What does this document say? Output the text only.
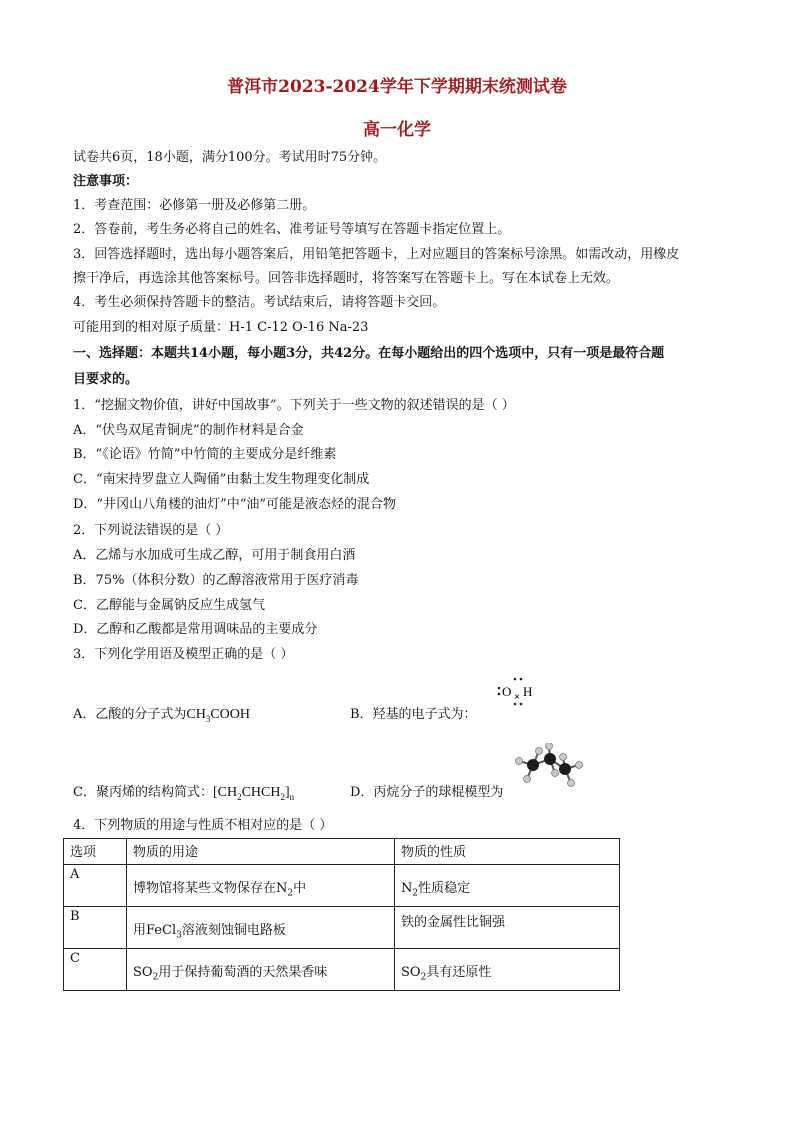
普洱市2023-2024学年下学期期末统测试卷
高一化学
试卷共6页，18小题，满分100分。考试用时75分钟。
注意事项：
1．考查范围：必修第一册及必修第二册。
2．答卷前，考生务必将自己的姓名、准考证号等填写在答题卡指定位置上。
3．回答选择题时，选出每小题答案后，用铅笔把答题卡，上对应题目的答案标号涂黑。如需改动，用橡皮
擦干净后，再选涂其他答案标号。回答非选择题时，将答案写在答题卡上。写在本试卷上无效。
4．考生必须保持答题卡的整洁。考试结束后，请将答题卡交回。
可能用到的相对原子质量：H-1 C-12 O-16 Na-23
一、选择题：本题共14小题，每小题3分，共42分。在每小题给出的四个选项中，只有一项是最符合题
目要求的。
1．“挖掘文物价值，讲好中国故事”。下列关于一些文物的叙述错误的是（ ）
A．“伏鸟双尾青铜虎”的制作材料是合金
B．“《论语》竹简”中竹简的主要成分是纤维素
C．“南宋持罗盘立人陶俑”由黏土发生物理变化制成
D．“井冈山八角楼的油灯”中“油”可能是液态烃的混合物
2．下列说法错误的是（ ）
A．乙烯与水加成可生成乙醇，可用于制食用白酒
B．75%（体积分数）的乙醇溶液常用于医疗消毒
C．乙醇能与金属钠反应生成氢气
D．乙醇和乙酸都是常用调味品的主要成分
3．下列化学用语及模型正确的是（ ）
A．乙酸的分子式为$CH_3COOH$	B．羟基的电子式为：
O × H
C．聚丙烯的结构简式：$[CH_2CHCH_2]_n$	D．丙烷分子的球棍模型为
4．下列物质的用途与性质不相对应的是（ ）
选项	物质的用途	物质的性质
A	博物馆将某些文物保存在$N_2$中	$N_2$性质稳定

B	用FeCl$_3$溶液刻蚀铜电路板	铁的金属性比铜强

C	$SO_2$用于保持葡萄酒的天然果香味	$SO_2$具有还原性
